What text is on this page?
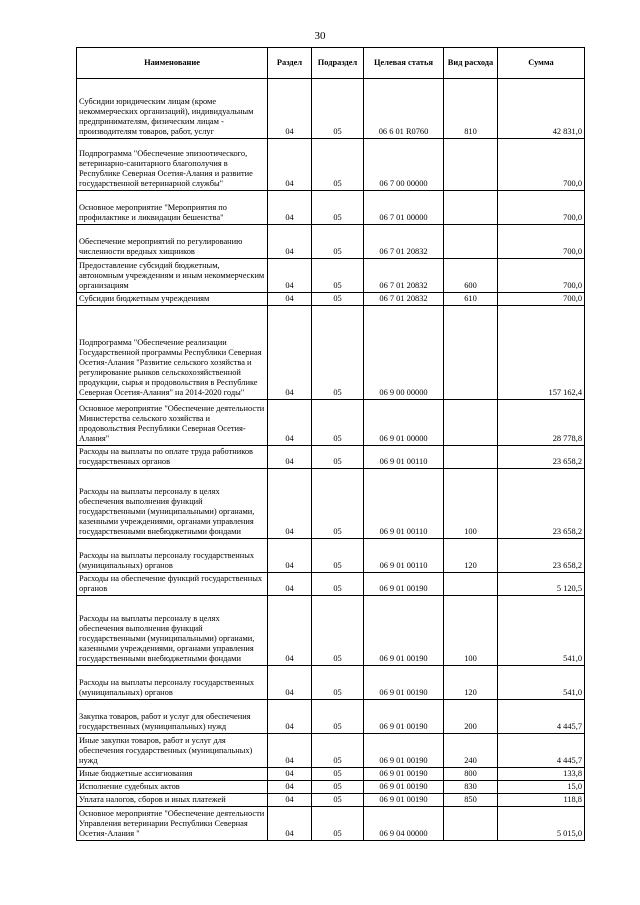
30
Наименование	Раздел	Подраздел	Целевая статья	Вид расхода	Сумма
Субсидии юридическим лицам (кроме некоммерческих организаций), индивидуальным предпринимателям, физическим лицам - производителям товаров, работ, услуг	04	05	06 6 01 R0760	810	42 831,0
Подпрограмма "Обеспечение эпизоотического, ветеринарно-санитарного благополучия в Республике Северная Осетия-Алания и развитие государственной ветеринарной службы"	04	05	06 7 00 00000		700,0
Основное мероприятие "Мероприятия по профилактике и ликвидации бешенства"	04	05	06 7 01 00000		700,0
Обеспечение мероприятий по регулированию численности вредных хищников	04	05	06 7 01 20832		700,0
Предоставление субсидий бюджетным, автономным учреждениям и иным некоммерческим организациям	04	05	06 7 01 20832	600	700,0
Субсидии бюджетным учреждениям	04	05	06 7 01 20832	610	700,0
Подпрограмма "Обеспечение реализации Государственной программы Республики Северная Осетия-Алания "Развитие сельского хозяйства и регулирование рынков сельскохозяйственной продукции, сырья и продовольствия в Республике Северная Осетия-Алания" на 2014-2020 годы"	04	05	06 9 00 00000		157 162,4
Основное мероприятие "Обеспечение деятельности Министерства сельского хозяйства и продовольствия Республики Северная Осетия-Алания"	04	05	06 9 01 00000		28 778,8
Расходы на выплаты по оплате труда работников государственных органов	04	05	06 9 01 00110		23 658,2
Расходы на выплаты персоналу в целях обеспечения выполнения функций государственными (муниципальными) органами, казенными учреждениями, органами управления государственными внебюджетными фондами	04	05	06 9 01 00110	100	23 658,2
Расходы на выплаты персоналу государственных (муниципальных) органов	04	05	06 9 01 00110	120	23 658,2
Расходы на обеспечение функций государственных органов	04	05	06 9 01 00190		5 120,5
Расходы на выплаты персоналу в целях обеспечения выполнения функций государственными (муниципальными) органами, казенными учреждениями, органами управления государственными внебюджетными фондами	04	05	06 9 01 00190	100	541,0
Расходы на выплаты персоналу государственных (муниципальных) органов	04	05	06 9 01 00190	120	541,0
Закупка товаров, работ и услуг для обеспечения государственных (муниципальных) нужд	04	05	06 9 01 00190	200	4 445,7
Иные закупки товаров, работ и услуг для обеспечения государственных (муниципальных) нужд	04	05	06 9 01 00190	240	4 445,7
Иные бюджетные ассигнования	04	05	06 9 01 00190	800	133,8
Исполнение судебных актов	04	05	06 9 01 00190	830	15,0
Уплата налогов, сборов и иных платежей	04	05	06 9 01 00190	850	118,8
Основное мероприятие "Обеспечение деятельности Управления ветеринарии Республики Северная Осетия-Алания "	04	05	06 9 04 00000		5 015,0
